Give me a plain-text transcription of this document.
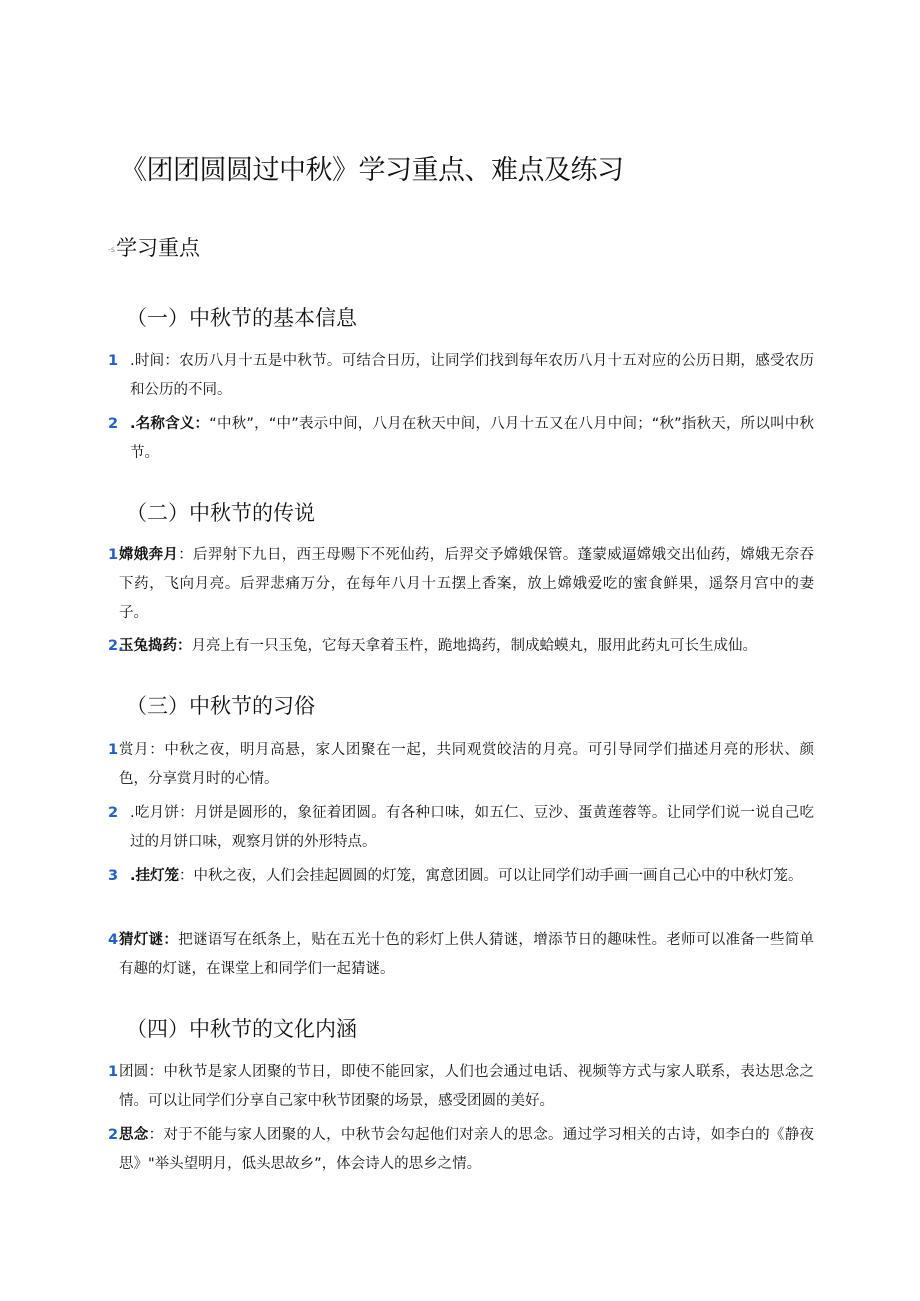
《团团圆圆过中秋》学习重点、难点及练习
-s学习重点
（一）中秋节的基本信息
1 .时间：农历八月十五是中秋节。可结合日历，让同学们找到每年农历八月十五对应的公历日期，感受农历和公历的不同。
2 .名称含义：“中秋”，“中”表示中间，八月在秋天中间，八月十五又在八月中间；“秋”指秋天，所以叫中秋节。
（二）中秋节的传说
1 嫦娥奔月：后羿射下九日，西王母赐下不死仙药，后羿交予嫦娥保管。蓬蒙威逼嫦娥交出仙药，嫦娥无奈吞下药，飞向月亮。后羿悲痛万分，在每年八月十五摆上香案，放上嫦娥爱吃的蜜食鲜果，遥祭月宫中的妻子。
2.
玉兔捣药：月亮上有一只玉兔，它每天拿着玉杵，跪地捣药，制成蛤蟆丸，服用此药丸可长生成仙。
（三）中秋节的习俗
1 赏月：中秋之夜，明月高悬，家人团聚在一起，共同观赏皎洁的月亮。可引导同学们描述月亮的形状、颜色，分享赏月时的心情。
2 .吃月饼：月饼是圆形的，象征着团圆。有各种口味，如五仁、豆沙、蛋黄莲蓉等。让同学们说一说自己吃过的月饼口味，观察月饼的外形特点。
3 .挂灯笼：中秋之夜，人们会挂起圆圆的灯笼，寓意团圆。可以让同学们动手画一画自己心中的中秋灯笼。
4 猜灯谜：把谜语写在纸条上，贴在五光十色的彩灯上供人猜谜，增添节日的趣味性。老师可以准备一些简单有趣的灯谜，在课堂上和同学们一起猜谜。
（四）中秋节的文化内涵
1 团圆：中秋节是家人团聚的节日，即使不能回家，人们也会通过电话、视频等方式与家人联系，表达思念之情。可以让同学们分享自己家中秋节团聚的场景，感受团圆的美好。
2 思念：对于不能与家人团聚的人，中秋节会勾起他们对亲人的思念。通过学习相关的古诗，如李白的《静夜思》"举头望明月，低头思故乡”，体会诗人的思乡之情。
